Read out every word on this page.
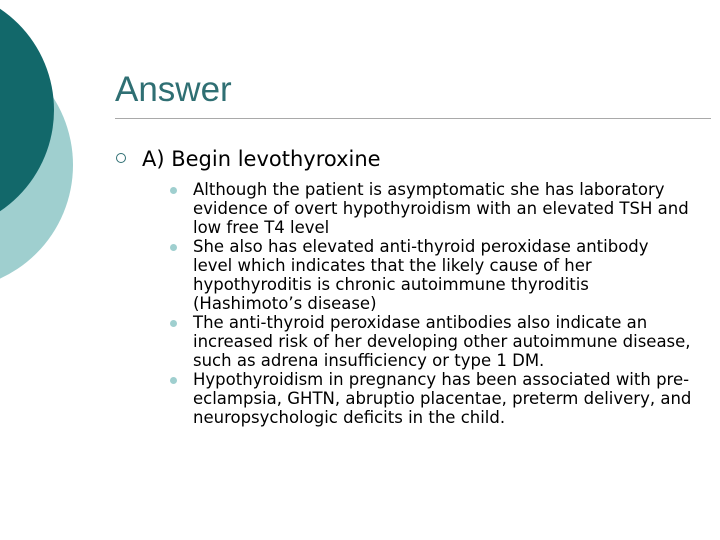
Answer
A) Begin levothyroxine
Although the patient is asymptomatic she has laboratory evidence of overt hypothyroidism with an elevated TSH and low free T4 level
She also has elevated anti-thyroid peroxidase antibody level which indicates that the likely cause of her hypothyroditis is chronic autoimmune thyroditis (Hashimoto’s disease)
The anti-thyroid peroxidase antibodies also indicate an increased risk of her developing other autoimmune disease, such as adrena insufficiency or type 1 DM.
Hypothyroidism in pregnancy has been associated with pre-eclampsia, GHTN, abruptio placentae, preterm delivery, and neuropsychologic deficits in the child.
